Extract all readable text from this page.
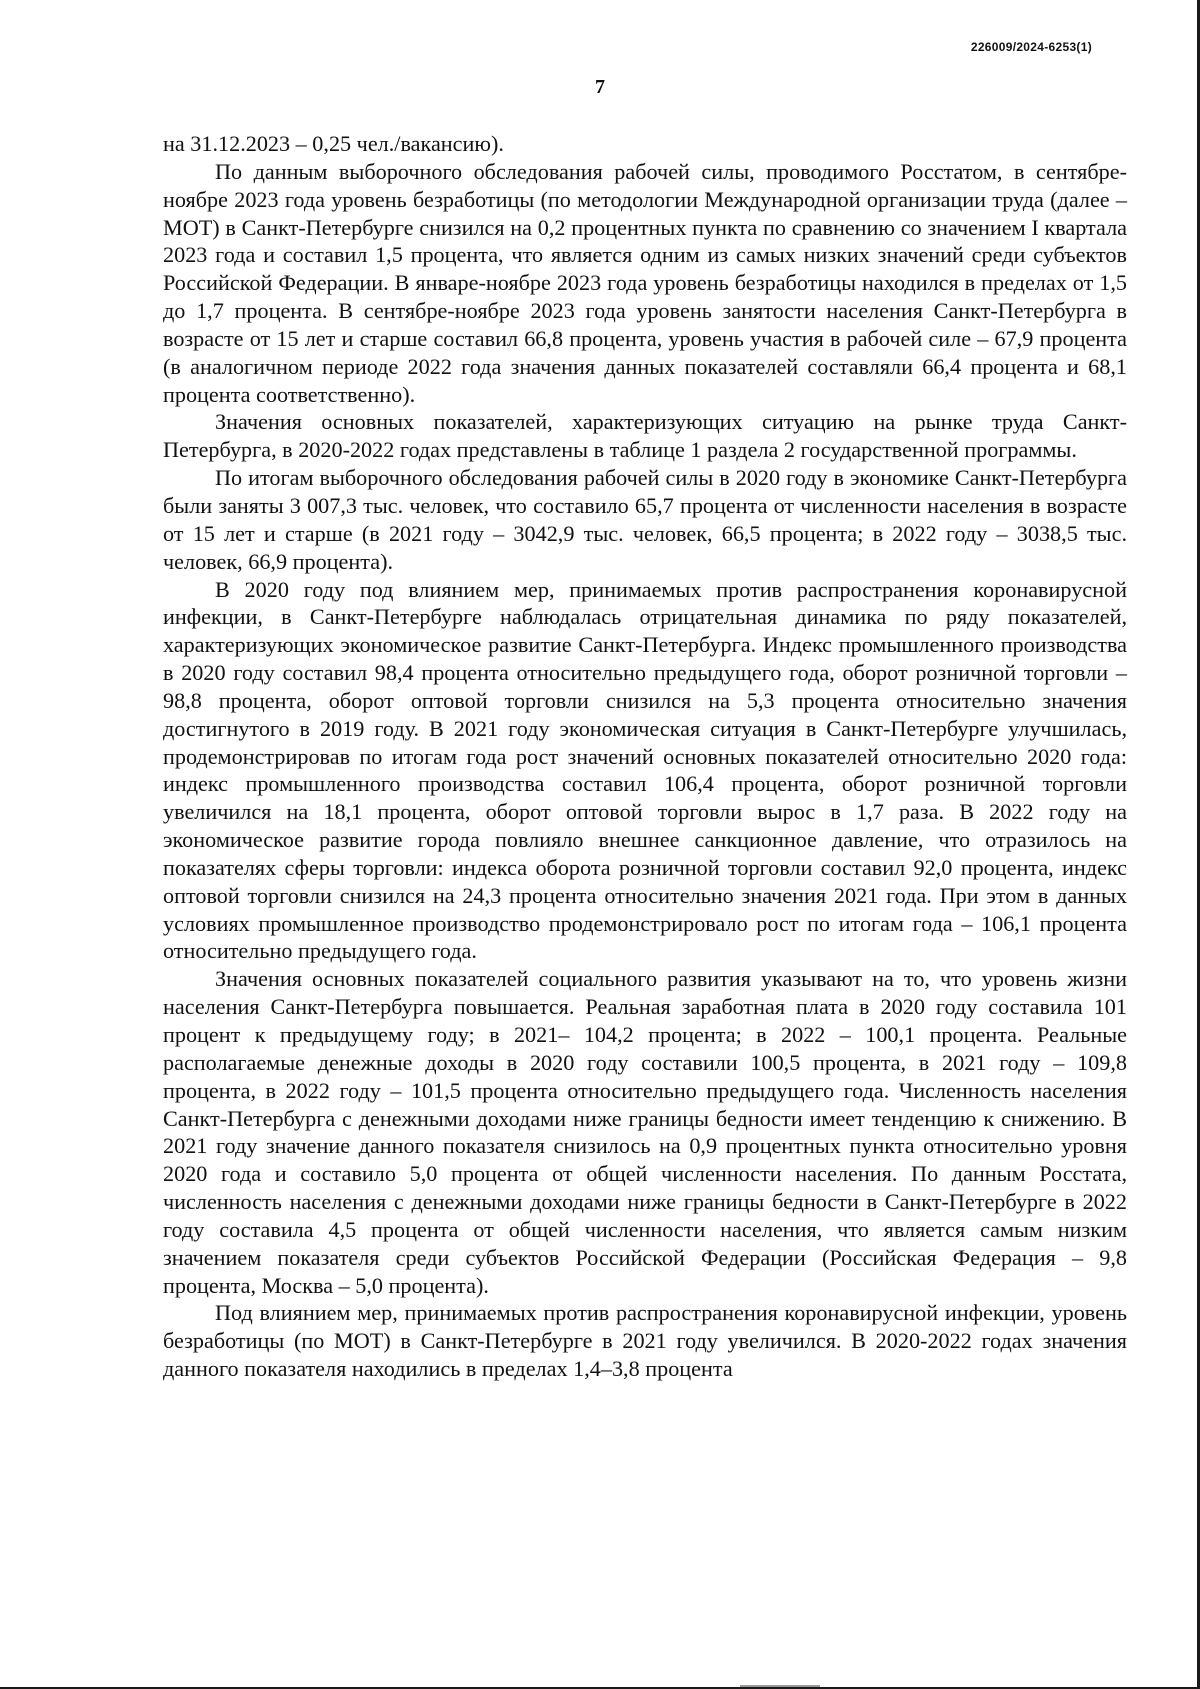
226009/2024-6253(1)
7

на 31.12.2023 – 0,25 чел./вакансию).

По данным выборочного обследования рабочей силы, проводимого Росстатом, в сентябре-ноябре 2023 года уровень безработицы (по методологии Международной организации труда (далее – МОТ) в Санкт-Петербурге снизился на 0,2 процентных пункта по сравнению со значением I квартала 2023 года и составил 1,5 процента, что является одним из самых низких значений среди субъектов Российской Федерации. В январе-ноябре 2023 года уровень безработицы находился в пределах от 1,5 до 1,7 процента. В сентябре-ноябре 2023 года уровень занятости населения Санкт-Петербурга в возрасте от 15 лет и старше составил 66,8 процента, уровень участия в рабочей силе – 67,9 процента (в аналогичном периоде 2022 года значения данных показателей составляли 66,4 процента и 68,1 процента соответственно).

Значения основных показателей, характеризующих ситуацию на рынке труда Санкт-Петербурга, в 2020-2022 годах представлены в таблице 1 раздела 2 государственной программы.

По итогам выборочного обследования рабочей силы в 2020 году в экономике Санкт-Петербурга были заняты 3 007,3 тыс. человек, что составило 65,7 процента от численности населения в возрасте от 15 лет и старше (в 2021 году – 3042,9 тыс. человек, 66,5 процента; в 2022 году – 3038,5 тыс. человек, 66,9 процента).

В 2020 году под влиянием мер, принимаемых против распространения коронавирусной инфекции, в Санкт-Петербурге наблюдалась отрицательная динамика по ряду показателей, характеризующих экономическое развитие Санкт-Петербурга. Индекс промышленного производства в 2020 году составил 98,4 процента относительно предыдущего года, оборот розничной торговли – 98,8 процента, оборот оптовой торговли снизился на 5,3 процента относительно значения достигнутого в 2019 году. В 2021 году экономическая ситуация в Санкт-Петербурге улучшилась, продемонстрировав по итогам года рост значений основных показателей относительно 2020 года: индекс промышленного производства составил 106,4 процента, оборот розничной торговли увеличился на 18,1 процента, оборот оптовой торговли вырос в 1,7 раза. В 2022 году на экономическое развитие города повлияло внешнее санкционное давление, что отразилось на показателях сферы торговли: индекса оборота розничной торговли составил 92,0 процента, индекс оптовой торговли снизился на 24,3 процента относительно значения 2021 года. При этом в данных условиях промышленное производство продемонстрировало рост по итогам года – 106,1 процента относительно предыдущего года.

Значения основных показателей социального развития указывают на то, что уровень жизни населения Санкт-Петербурга повышается. Реальная заработная плата в 2020 году составила 101 процент к предыдущему году; в 2021– 104,2 процента; в 2022 – 100,1 процента. Реальные располагаемые денежные доходы в 2020 году составили 100,5 процента, в 2021 году – 109,8 процента, в 2022 году – 101,5 процента относительно предыдущего года. Численность населения Санкт-Петербурга с денежными доходами ниже границы бедности имеет тенденцию к снижению. В 2021 году значение данного показателя снизилось на 0,9 процентных пункта относительно уровня 2020 года и составило 5,0 процента от общей численности населения. По данным Росстата, численность населения с денежными доходами ниже границы бедности в Санкт-Петербурге в 2022 году составила 4,5 процента от общей численности населения, что является самым низким значением показателя среди субъектов Российской Федерации (Российская Федерация – 9,8 процента, Москва – 5,0 процента).

Под влиянием мер, принимаемых против распространения коронавирусной инфекции, уровень безработицы (по МОТ) в Санкт-Петербурге в 2021 году увеличился. В 2020-2022 годах значения данного показателя находились в пределах 1,4–3,8 процента
